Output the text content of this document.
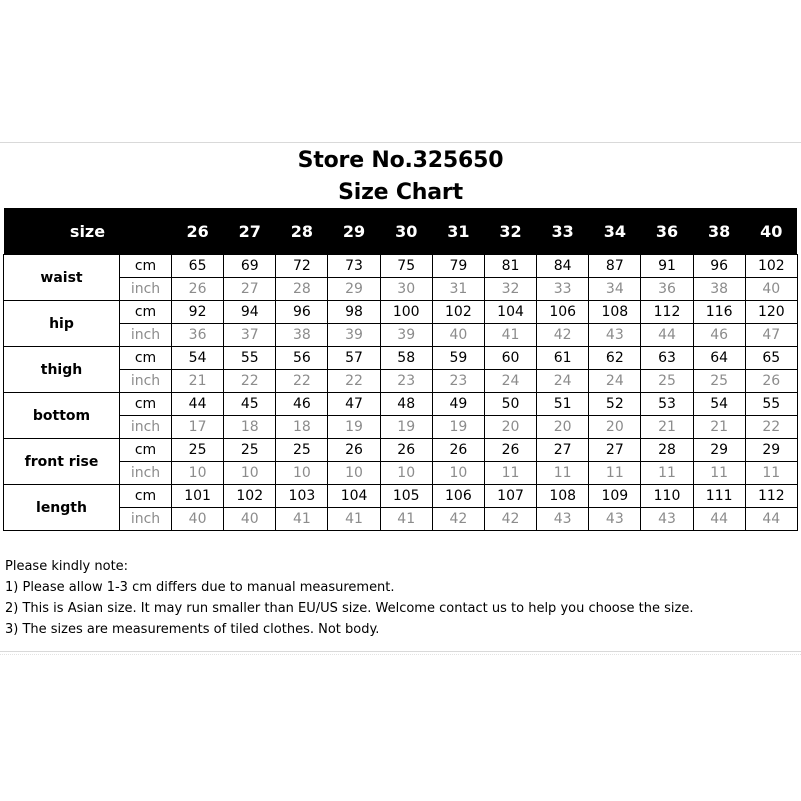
Store No.325650
Size Chart
size		26	27	28	29	30	31	32	33	34	36	38	40
waist	cm	65	69	72	73	75	79	81	84	87	91	96	102
	inch	26	27	28	29	30	31	32	33	34	36	38	40
hip	cm	92	94	96	98	100	102	104	106	108	112	116	120
	inch	36	37	38	39	39	40	41	42	43	44	46	47
thigh	cm	54	55	56	57	58	59	60	61	62	63	64	65
	inch	21	22	22	22	23	23	24	24	24	25	25	26
bottom	cm	44	45	46	47	48	49	50	51	52	53	54	55
	inch	17	18	18	19	19	19	20	20	20	21	21	22
front rise	cm	25	25	25	26	26	26	26	27	27	28	29	29
	inch	10	10	10	10	10	10	11	11	11	11	11	11
length	cm	101	102	103	104	105	106	107	108	109	110	111	112
	inch	40	40	41	41	41	42	42	43	43	43	44	44
Please kindly note:
1) Please allow 1-3 cm differs due to manual measurement.
2) This is Asian size. It may run smaller than EU/US size. Welcome contact us to help you choose the size.
3) The sizes are measurements of tiled clothes. Not body.
